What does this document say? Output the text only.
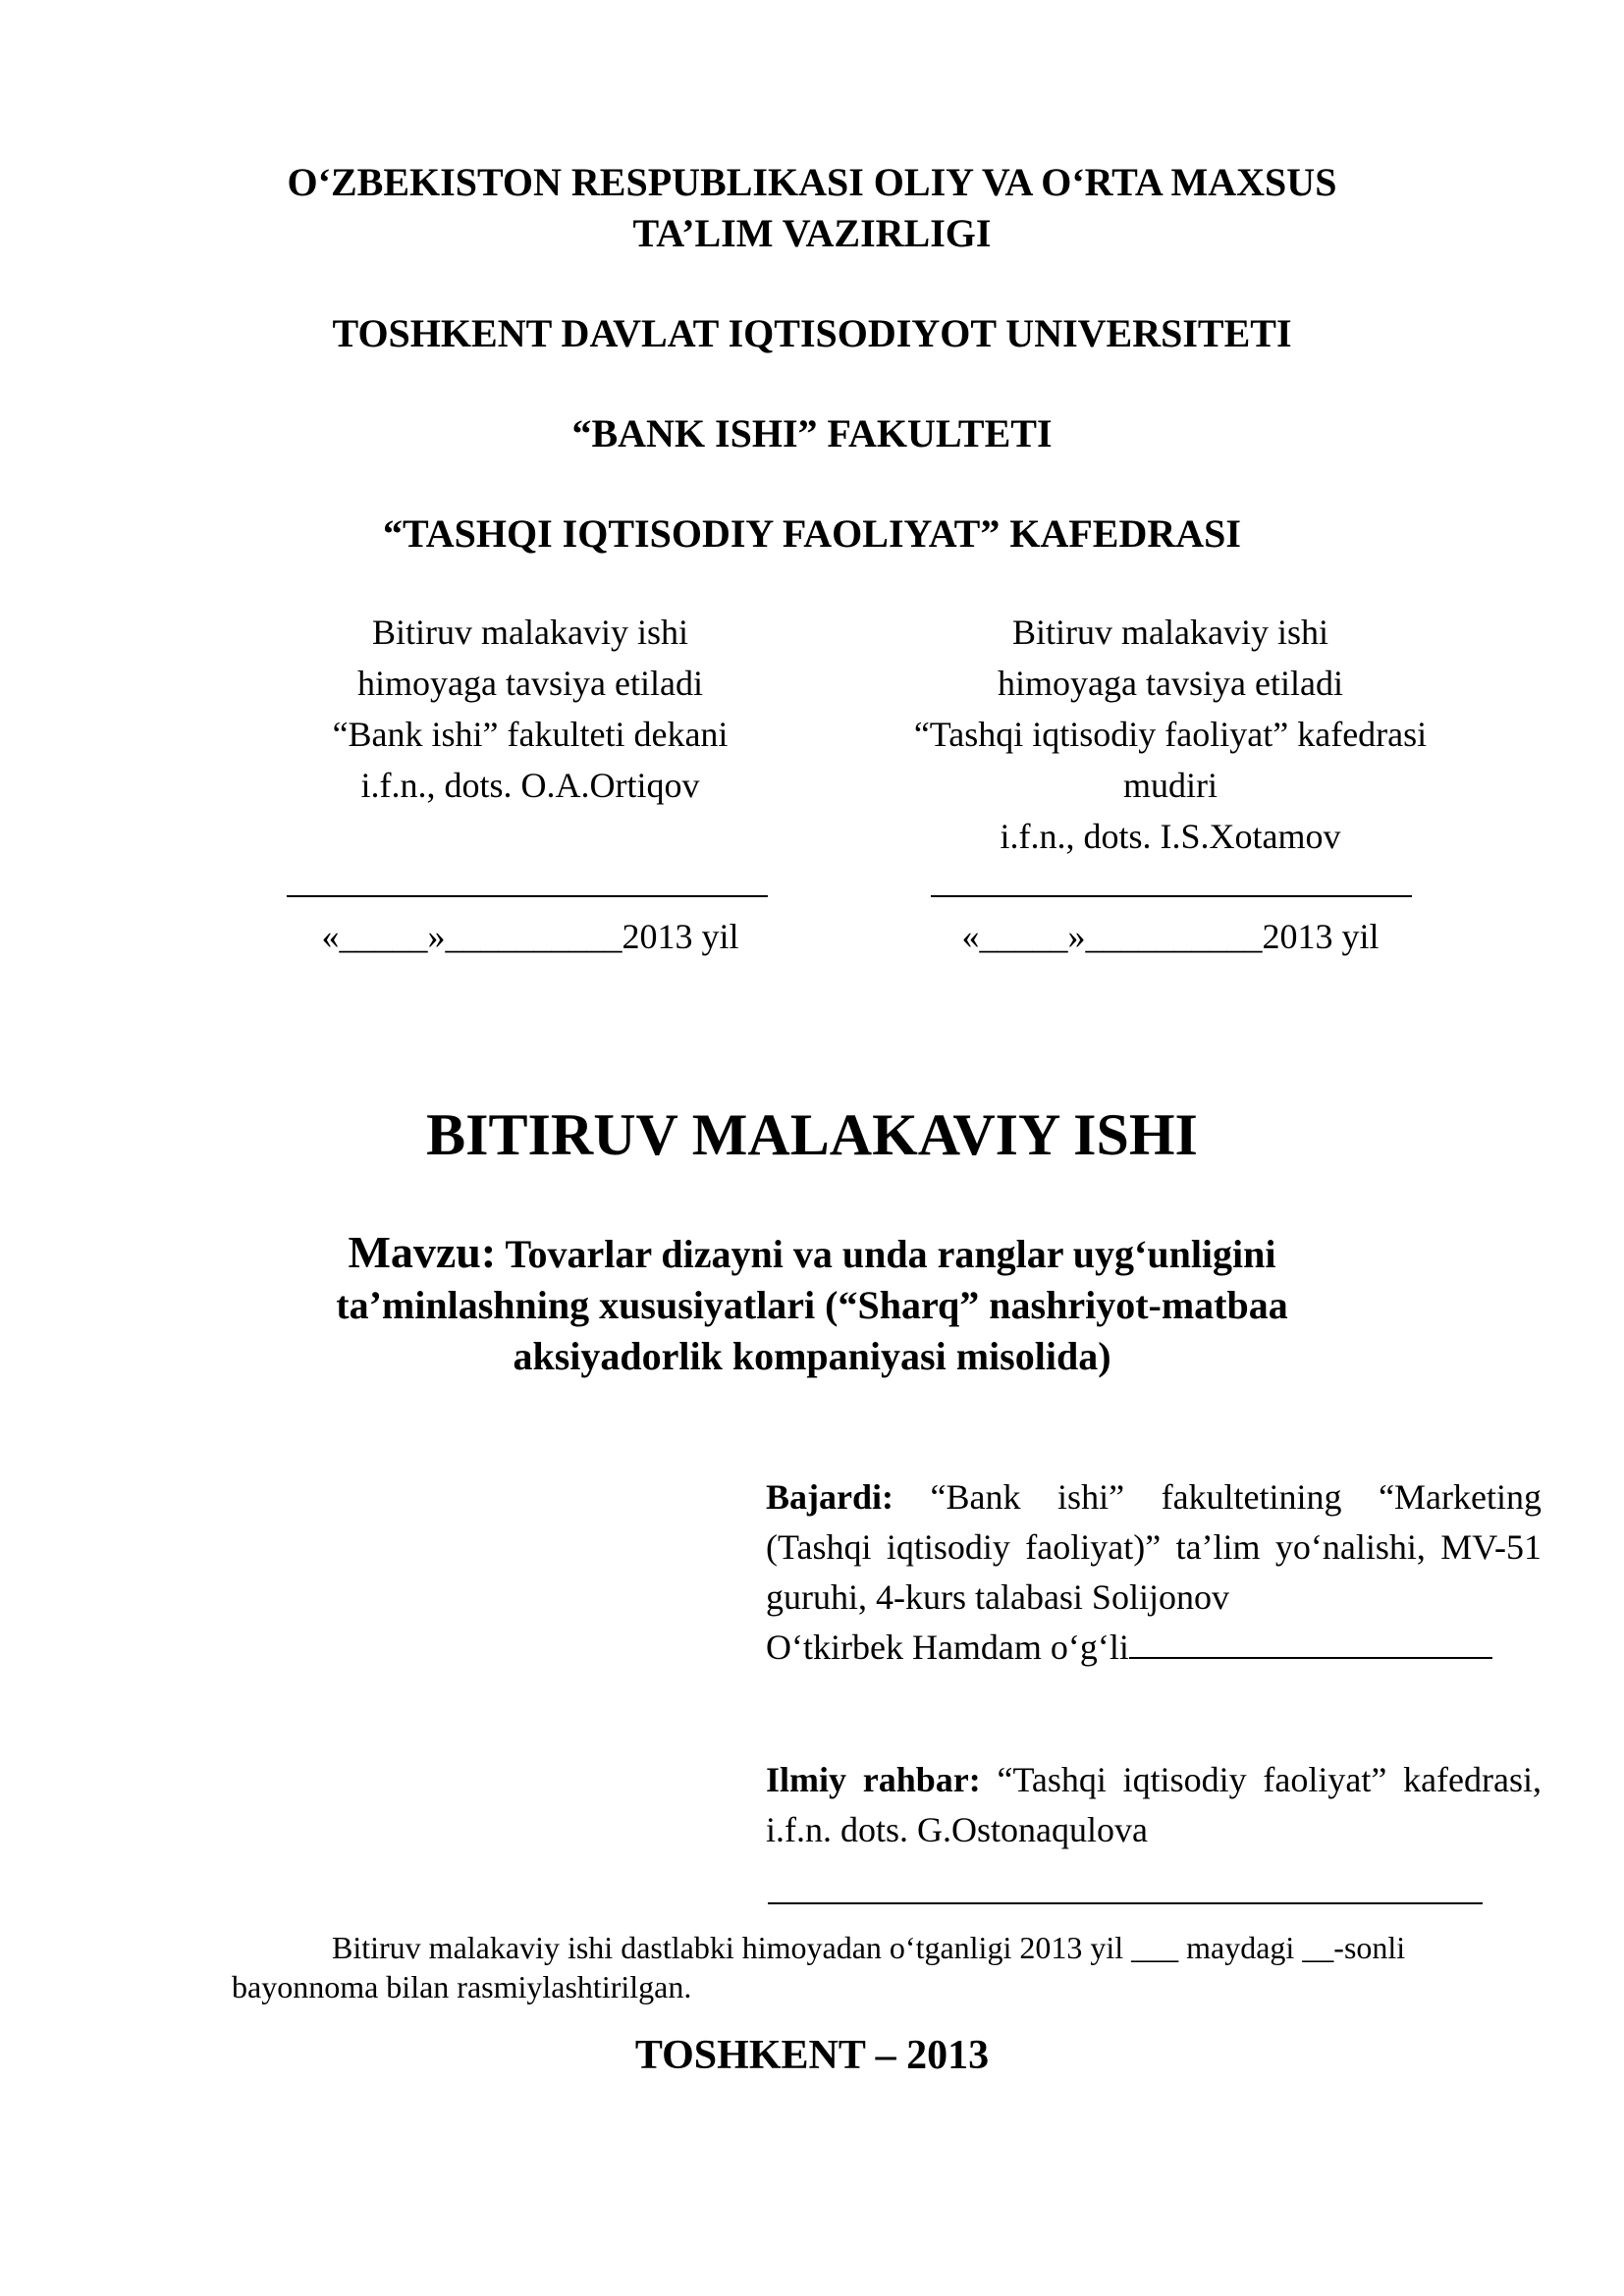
O‘ZBEKISTON RESPUBLIKASI OLIY VA O‘RTA MAXSUS
TA’LIM VAZIRLIGI
TOSHKENT DAVLAT IQTISODIYOT UNIVERSITETI
“BANK ISHI” FAKULTETI
“TASHQI IQTISODIY FAOLIYAT” KAFEDRASI
Bitiruv malakaviy ishi
himoyaga tavsiya etiladi
“Bank ishi” fakulteti dekani
i.f.n., dots. O.A.Ortiqov
«_____»__________2013 yil
Bitiruv malakaviy ishi
himoyaga tavsiya etiladi
“Tashqi iqtisodiy faoliyat” kafedrasi
mudiri
i.f.n., dots. I.S.Xotamov
«_____»__________2013 yil
BITIRUV MALAKAVIY ISHI
Mavzu: Tovarlar dizayni va unda ranglar uyg‘unligini
ta’minlashning xususiyatlari (“Sharq” nashriyot-matbaa
aksiyadorlik kompaniyasi misolida)
Bajardi: “Bank ishi” fakultetining “Marketing (Tashqi iqtisodiy faoliyat)” ta’lim yo‘nalishi, MV-51 guruhi, 4-kurs talabasi Solijonov
O‘tkirbek Hamdam o‘g‘li
Ilmiy rahbar: “Tashqi iqtisodiy faoliyat” kafedrasi, i.f.n. dots. G.Ostonaqulova
Bitiruv malakaviy ishi dastlabki himoyadan o‘tganligi 2013 yil ___ maydagi __-sonli
bayonnoma bilan rasmiylashtirilgan.
TOSHKENT – 2013
